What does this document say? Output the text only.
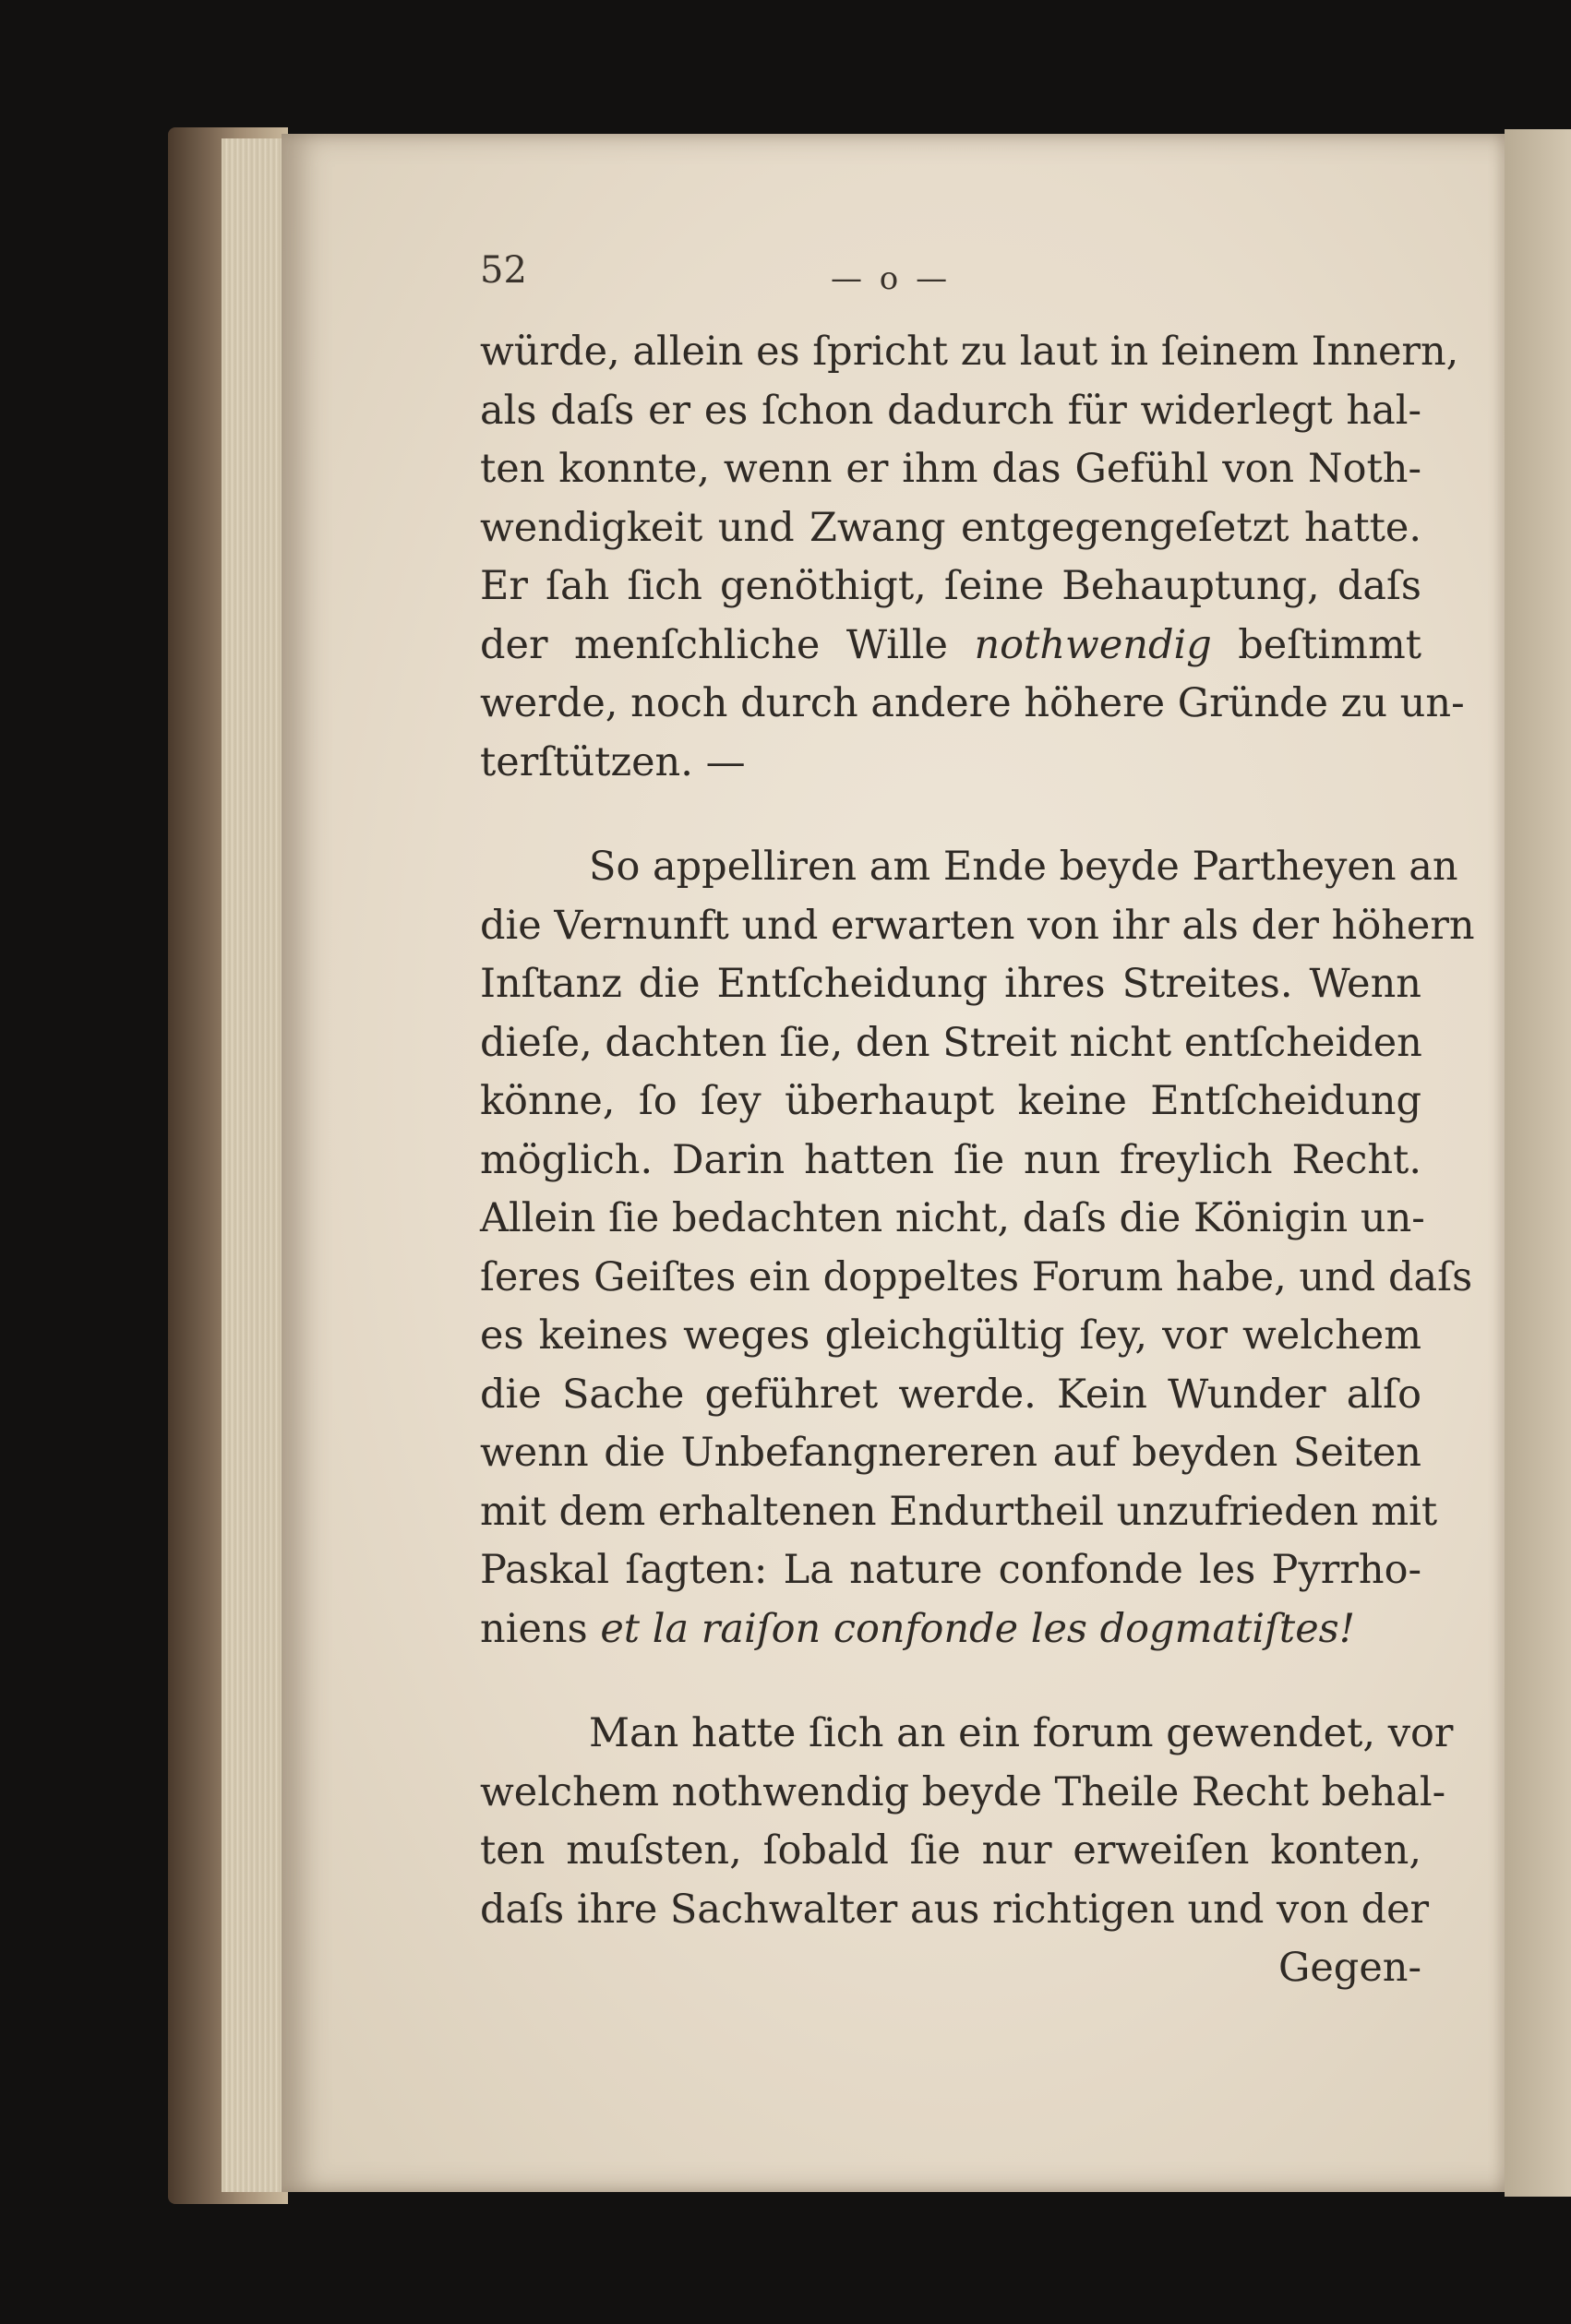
52	— o —
würde, allein es ſpricht zu laut in ſeinem Innern,
als daſs er es ſchon dadurch für widerlegt hal-
ten konnte, wenn er ihm das Gefühl von Noth-
wendigkeit und Zwang entgegengeſetzt hatte.
Er ſah ſich genöthigt, ſeine Behauptung, daſs
der menſchliche Wille nothwendig beſtimmt
werde, noch durch andere höhere Gründe zu un-
terſtützen. —
So appelliren am Ende beyde Partheyen an
die Vernunft und erwarten von ihr als der höhern
Inſtanz die Entſcheidung ihres Streites. Wenn
dieſe, dachten ſie, den Streit nicht entſcheiden
könne, ſo ſey überhaupt keine Entſcheidung
möglich. Darin hatten ſie nun freylich Recht.
Allein ſie bedachten nicht, daſs die Königin un-
ſeres Geiſtes ein doppeltes Forum habe, und daſs
es keines weges gleichgültig ſey, vor welchem
die Sache geführet werde. Kein Wunder alſo
wenn die Unbefangnereren auf beyden Seiten
mit dem erhaltenen Endurtheil unzufrieden mit
Paskal ſagten: La nature confonde les Pyrrho-
niens et la raiſon confonde les dogmatiſtes!
Man hatte ſich an ein forum gewendet, vor
welchem nothwendig beyde Theile Recht behal-
ten muſsten, ſobald ſie nur erweiſen konten,
daſs ihre Sachwalter aus richtigen und von der
Gegen-
